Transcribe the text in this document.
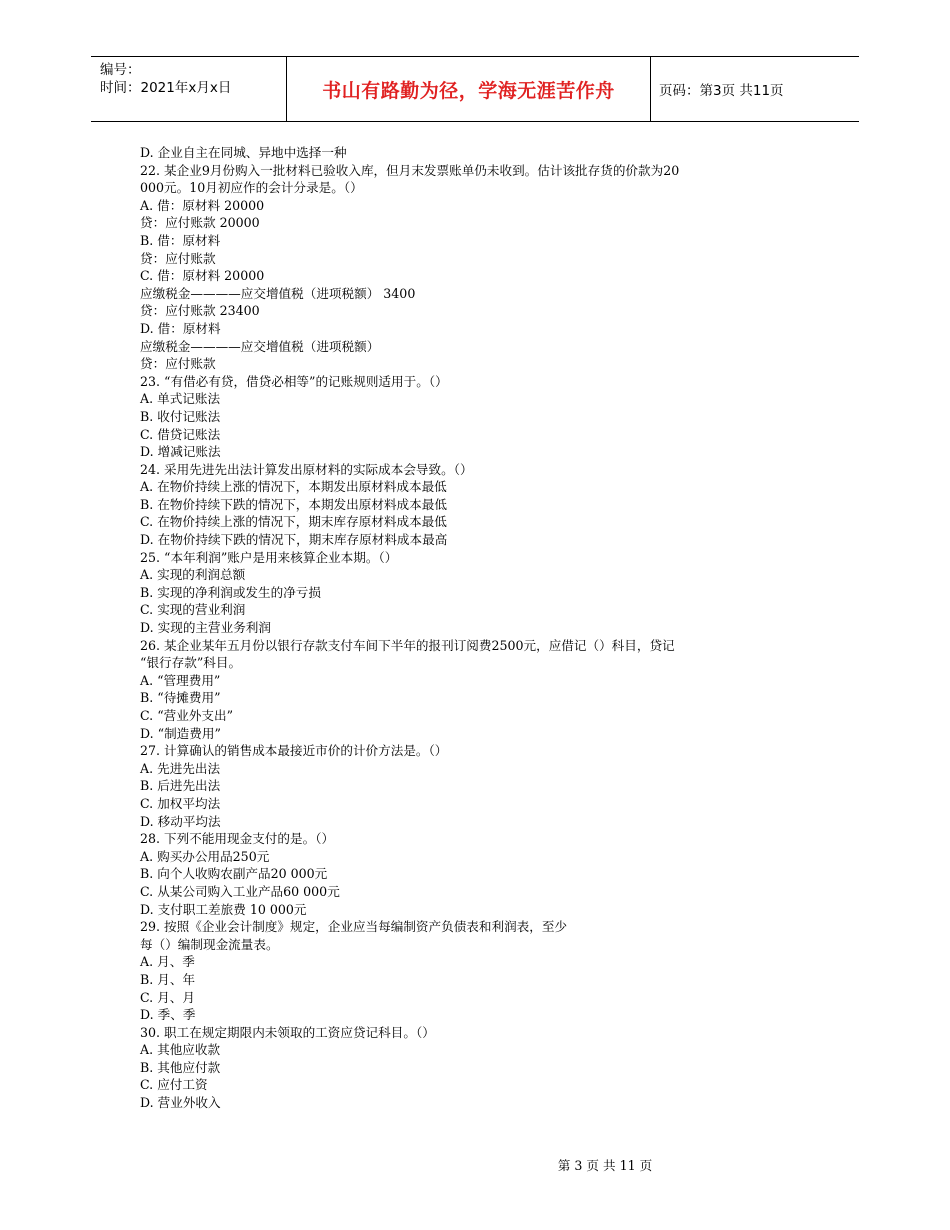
编号：
时间：2021年x月x日	书山有路勤为径，学海无涯苦作舟	页码：第3页 共11页
D. 企业自主在同城、异地中选择一种
22. 某企业9月份购入一批材料已验收入库，但月末发票账单仍未收到。估计该批存货的价款为20
000元。10月初应作的会计分录是。（）
A. 借：原材料 20000
贷：应付账款 20000
B. 借：原材料
贷：应付账款
C. 借：原材料 20000
应缴税金————应交增值税（进项税额） 3400
贷：应付账款 23400
D. 借：原材料
应缴税金————应交增值税（进项税额）
贷：应付账款
23. “有借必有贷，借贷必相等”的记账规则适用于。（）
A. 单式记账法
B. 收付记账法
C. 借贷记账法
D. 增减记账法
24. 采用先进先出法计算发出原材料的实际成本会导致。（）
A. 在物价持续上涨的情况下，本期发出原材料成本最低
B. 在物价持续下跌的情况下，本期发出原材料成本最低
C. 在物价持续上涨的情况下，期末库存原材料成本最低
D. 在物价持续下跌的情况下，期末库存原材料成本最高
25. “本年利润”账户是用来核算企业本期。（）
A. 实现的利润总额
B. 实现的净利润或发生的净亏损
C. 实现的营业利润
D. 实现的主营业务利润
26. 某企业某年五月份以银行存款支付车间下半年的报刊订阅费2500元，应借记（）科目，贷记
“银行存款”科目。
A. “管理费用”
B. “待摊费用”
C. “营业外支出”
D. “制造费用”
27. 计算确认的销售成本最接近市价的计价方法是。（）
A. 先进先出法
B. 后进先出法
C. 加权平均法
D. 移动平均法
28. 下列不能用现金支付的是。（）
A. 购买办公用品250元
B. 向个人收购农副产品20 000元
C. 从某公司购入工业产品60 000元
D. 支付职工差旅费 10 000元
29. 按照《企业会计制度》规定，企业应当每编制资产负债表和利润表，至少
每（）编制现金流量表。
A. 月、季
B. 月、年
C. 月、月
D. 季、季
30. 职工在规定期限内未领取的工资应贷记科目。（）
A. 其他应收款
B. 其他应付款
C. 应付工资
D. 营业外收入
第 3 页 共 11 页
